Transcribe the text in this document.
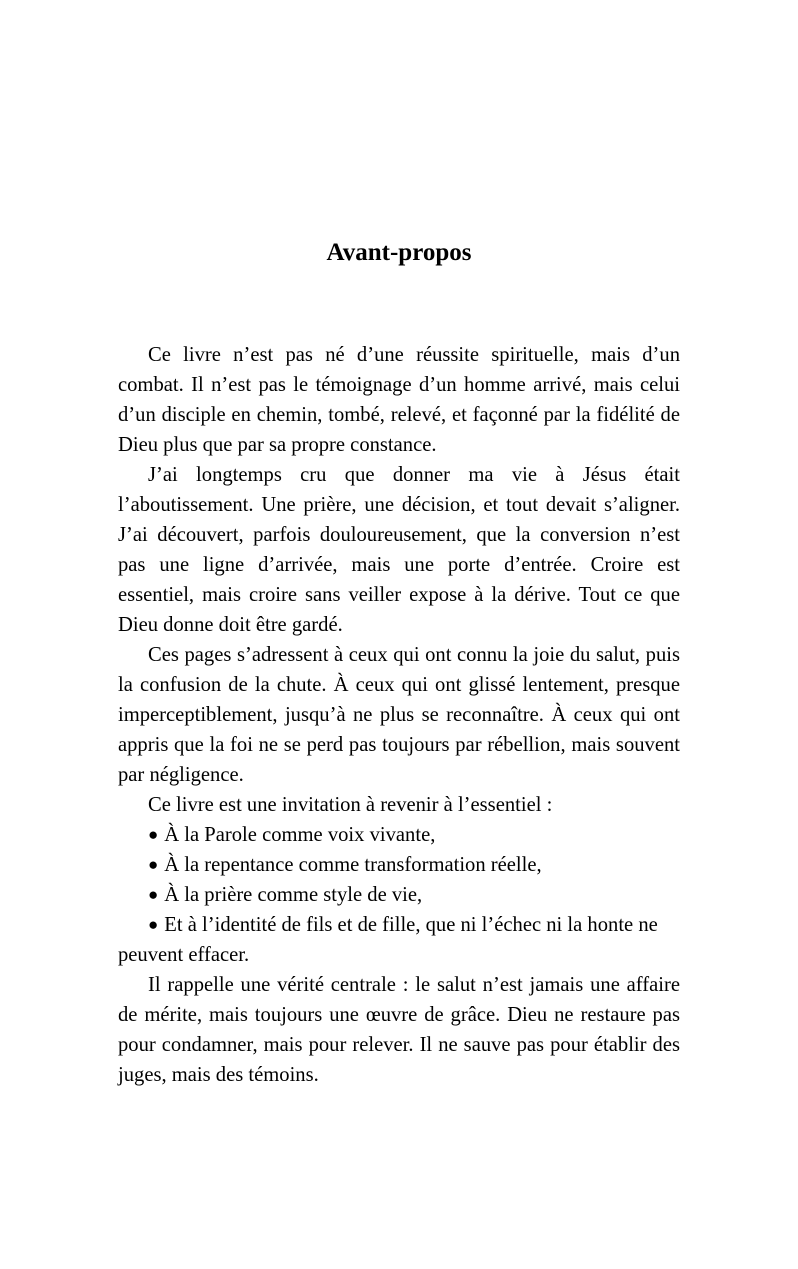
Avant-propos

Ce livre n’est pas né d’une réussite spirituelle, mais d’un combat. Il n’est pas le témoignage d’un homme arrivé, mais celui d’un disciple en chemin, tombé, relevé, et façonné par la fidélité de Dieu plus que par sa propre constance.

J’ai longtemps cru que donner ma vie à Jésus était l’aboutissement. Une prière, une décision, et tout devait s’aligner. J’ai découvert, parfois douloureusement, que la conversion n’est pas une ligne d’arrivée, mais une porte d’entrée. Croire est essentiel, mais croire sans veiller expose à la dérive. Tout ce que Dieu donne doit être gardé.

Ces pages s’adressent à ceux qui ont connu la joie du salut, puis la confusion de la chute. À ceux qui ont glissé lentement, presque imperceptiblement, jusqu’à ne plus se reconnaître. À ceux qui ont appris que la foi ne se perd pas toujours par rébellion, mais souvent par négligence.

Ce livre est une invitation à revenir à l’essentiel :

● À la Parole comme voix vivante,
● À la repentance comme transformation réelle,
● À la prière comme style de vie,
● Et à l’identité de fils et de fille, que ni l’échec ni la honte ne peuvent effacer.

Il rappelle une vérité centrale : le salut n’est jamais une affaire de mérite, mais toujours une œuvre de grâce. Dieu ne restaure pas pour condamner, mais pour relever. Il ne sauve pas pour établir des juges, mais des témoins.
